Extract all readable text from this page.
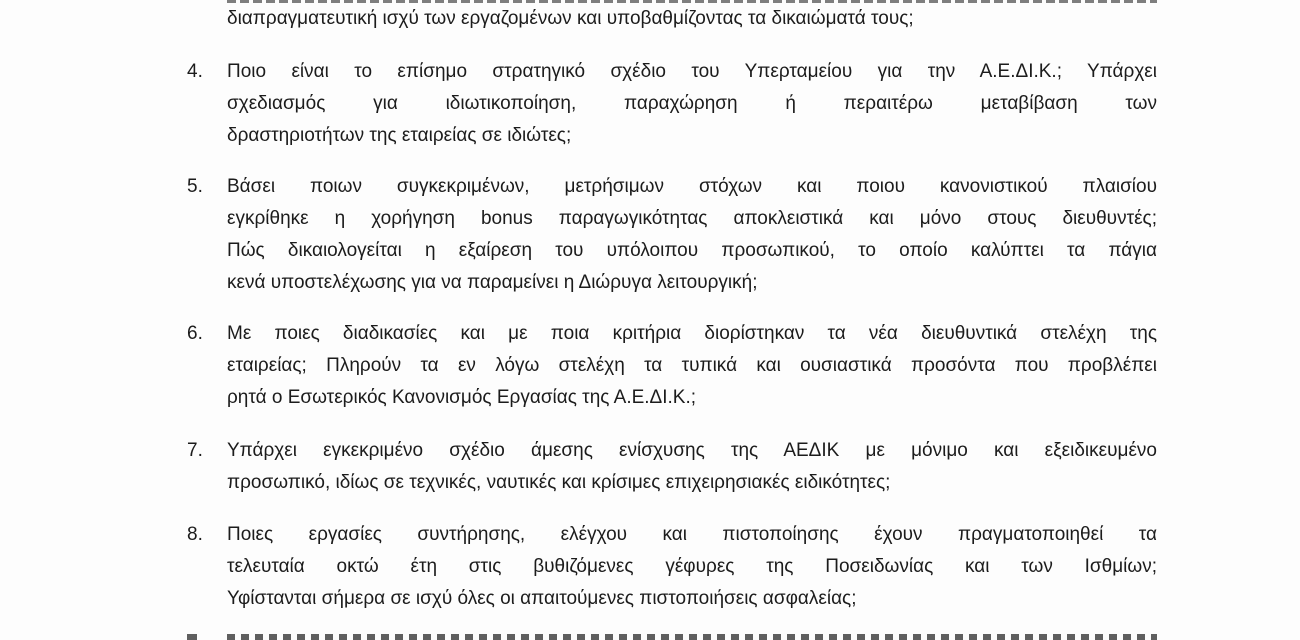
διαπραγματευτική ισχύ των εργαζομένων και υποβαθμίζοντας τα δικαιώματά τους;
4. Ποιο είναι το επίσημο στρατηγικό σχέδιο του Υπερταμείου για την Α.Ε.ΔΙ.Κ.; Υπάρχει
σχεδιασμός για ιδιωτικοποίηση, παραχώρηση ή περαιτέρω μεταβίβαση των
δραστηριοτήτων της εταιρείας σε ιδιώτες;
5. Βάσει ποιων συγκεκριμένων, μετρήσιμων στόχων και ποιου κανονιστικού πλαισίου
εγκρίθηκε η χορήγηση bonus παραγωγικότητας αποκλειστικά και μόνο στους διευθυντές;
Πώς δικαιολογείται η εξαίρεση του υπόλοιπου προσωπικού, το οποίο καλύπτει τα πάγια
κενά υποστελέχωσης για να παραμείνει η Διώρυγα λειτουργική;
6. Με ποιες διαδικασίες και με ποια κριτήρια διορίστηκαν τα νέα διευθυντικά στελέχη της
εταιρείας; Πληρούν τα εν λόγω στελέχη τα τυπικά και ουσιαστικά προσόντα που προβλέπει
ρητά ο Εσωτερικός Κανονισμός Εργασίας της Α.Ε.ΔΙ.Κ.;
7. Υπάρχει εγκεκριμένο σχέδιο άμεσης ενίσχυσης της ΑΕΔΙΚ με μόνιμο και εξειδικευμένο
προσωπικό, ιδίως σε τεχνικές, ναυτικές και κρίσιμες επιχειρησιακές ειδικότητες;
8. Ποιες εργασίες συντήρησης, ελέγχου και πιστοποίησης έχουν πραγματοποιηθεί τα
τελευταία οκτώ έτη στις βυθιζόμενες γέφυρες της Ποσειδωνίας και των Ισθμίων;
Υφίστανται σήμερα σε ισχύ όλες οι απαιτούμενες πιστοποιήσεις ασφαλείας;
